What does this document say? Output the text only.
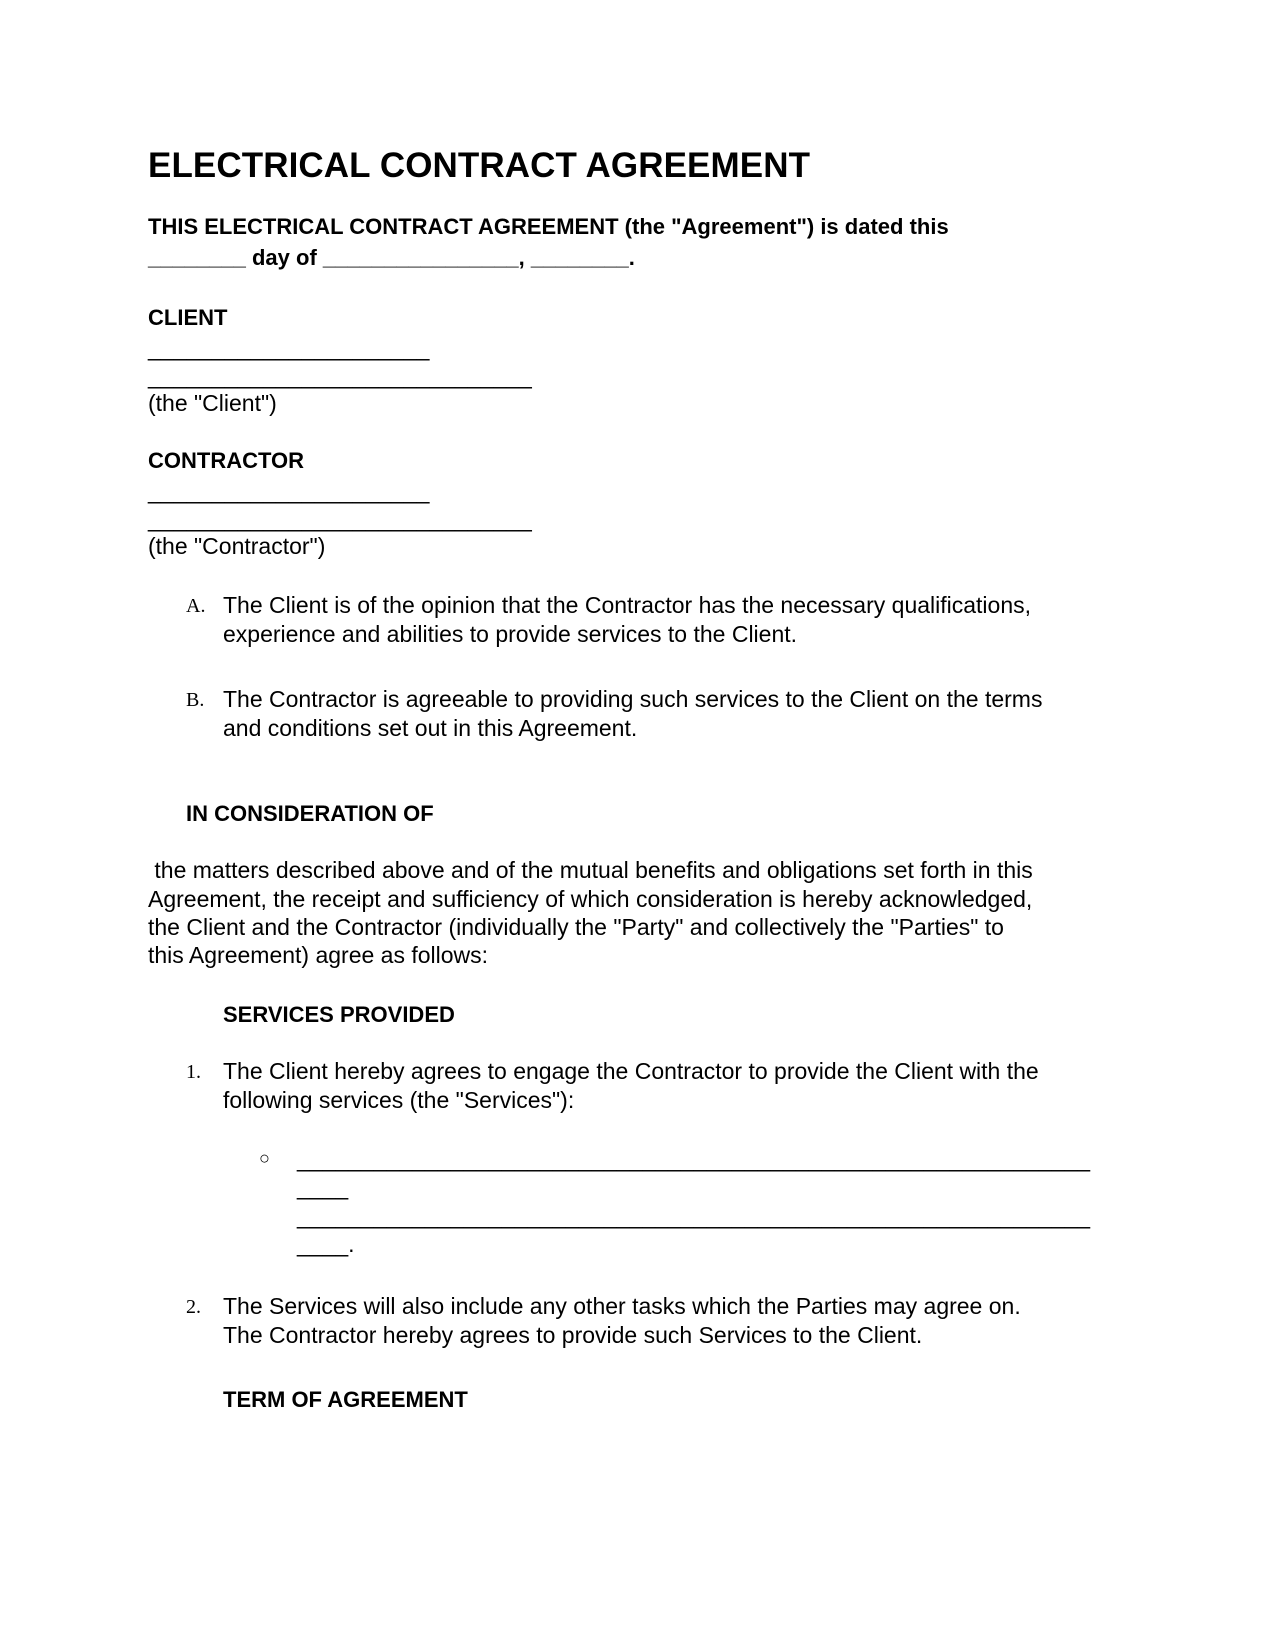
ELECTRICAL CONTRACT AGREEMENT
THIS ELECTRICAL CONTRACT AGREEMENT (the "Agreement") is dated this
________ day of ________________, ________.
CLIENT
______________________
______________________________
(the "Client")
CONTRACTOR
______________________
______________________________
(the "Contractor")
A. The Client is of the opinion that the Contractor has the necessary qualifications,
experience and abilities to provide services to the Client.
B. The Contractor is agreeable to providing such services to the Client on the terms
and conditions set out in this Agreement.
IN CONSIDERATION OF
the matters described above and of the mutual benefits and obligations set forth in this
Agreement, the receipt and sufficiency of which consideration is hereby acknowledged,
the Client and the Contractor (individually the "Party" and collectively the "Parties" to
this Agreement) agree as follows:
SERVICES PROVIDED
1. The Client hereby agrees to engage the Contractor to provide the Client with the
following services (the "Services"):
○ ______________________________________________________________
____
______________________________________________________________
____.
2. The Services will also include any other tasks which the Parties may agree on.
The Contractor hereby agrees to provide such Services to the Client.
TERM OF AGREEMENT
